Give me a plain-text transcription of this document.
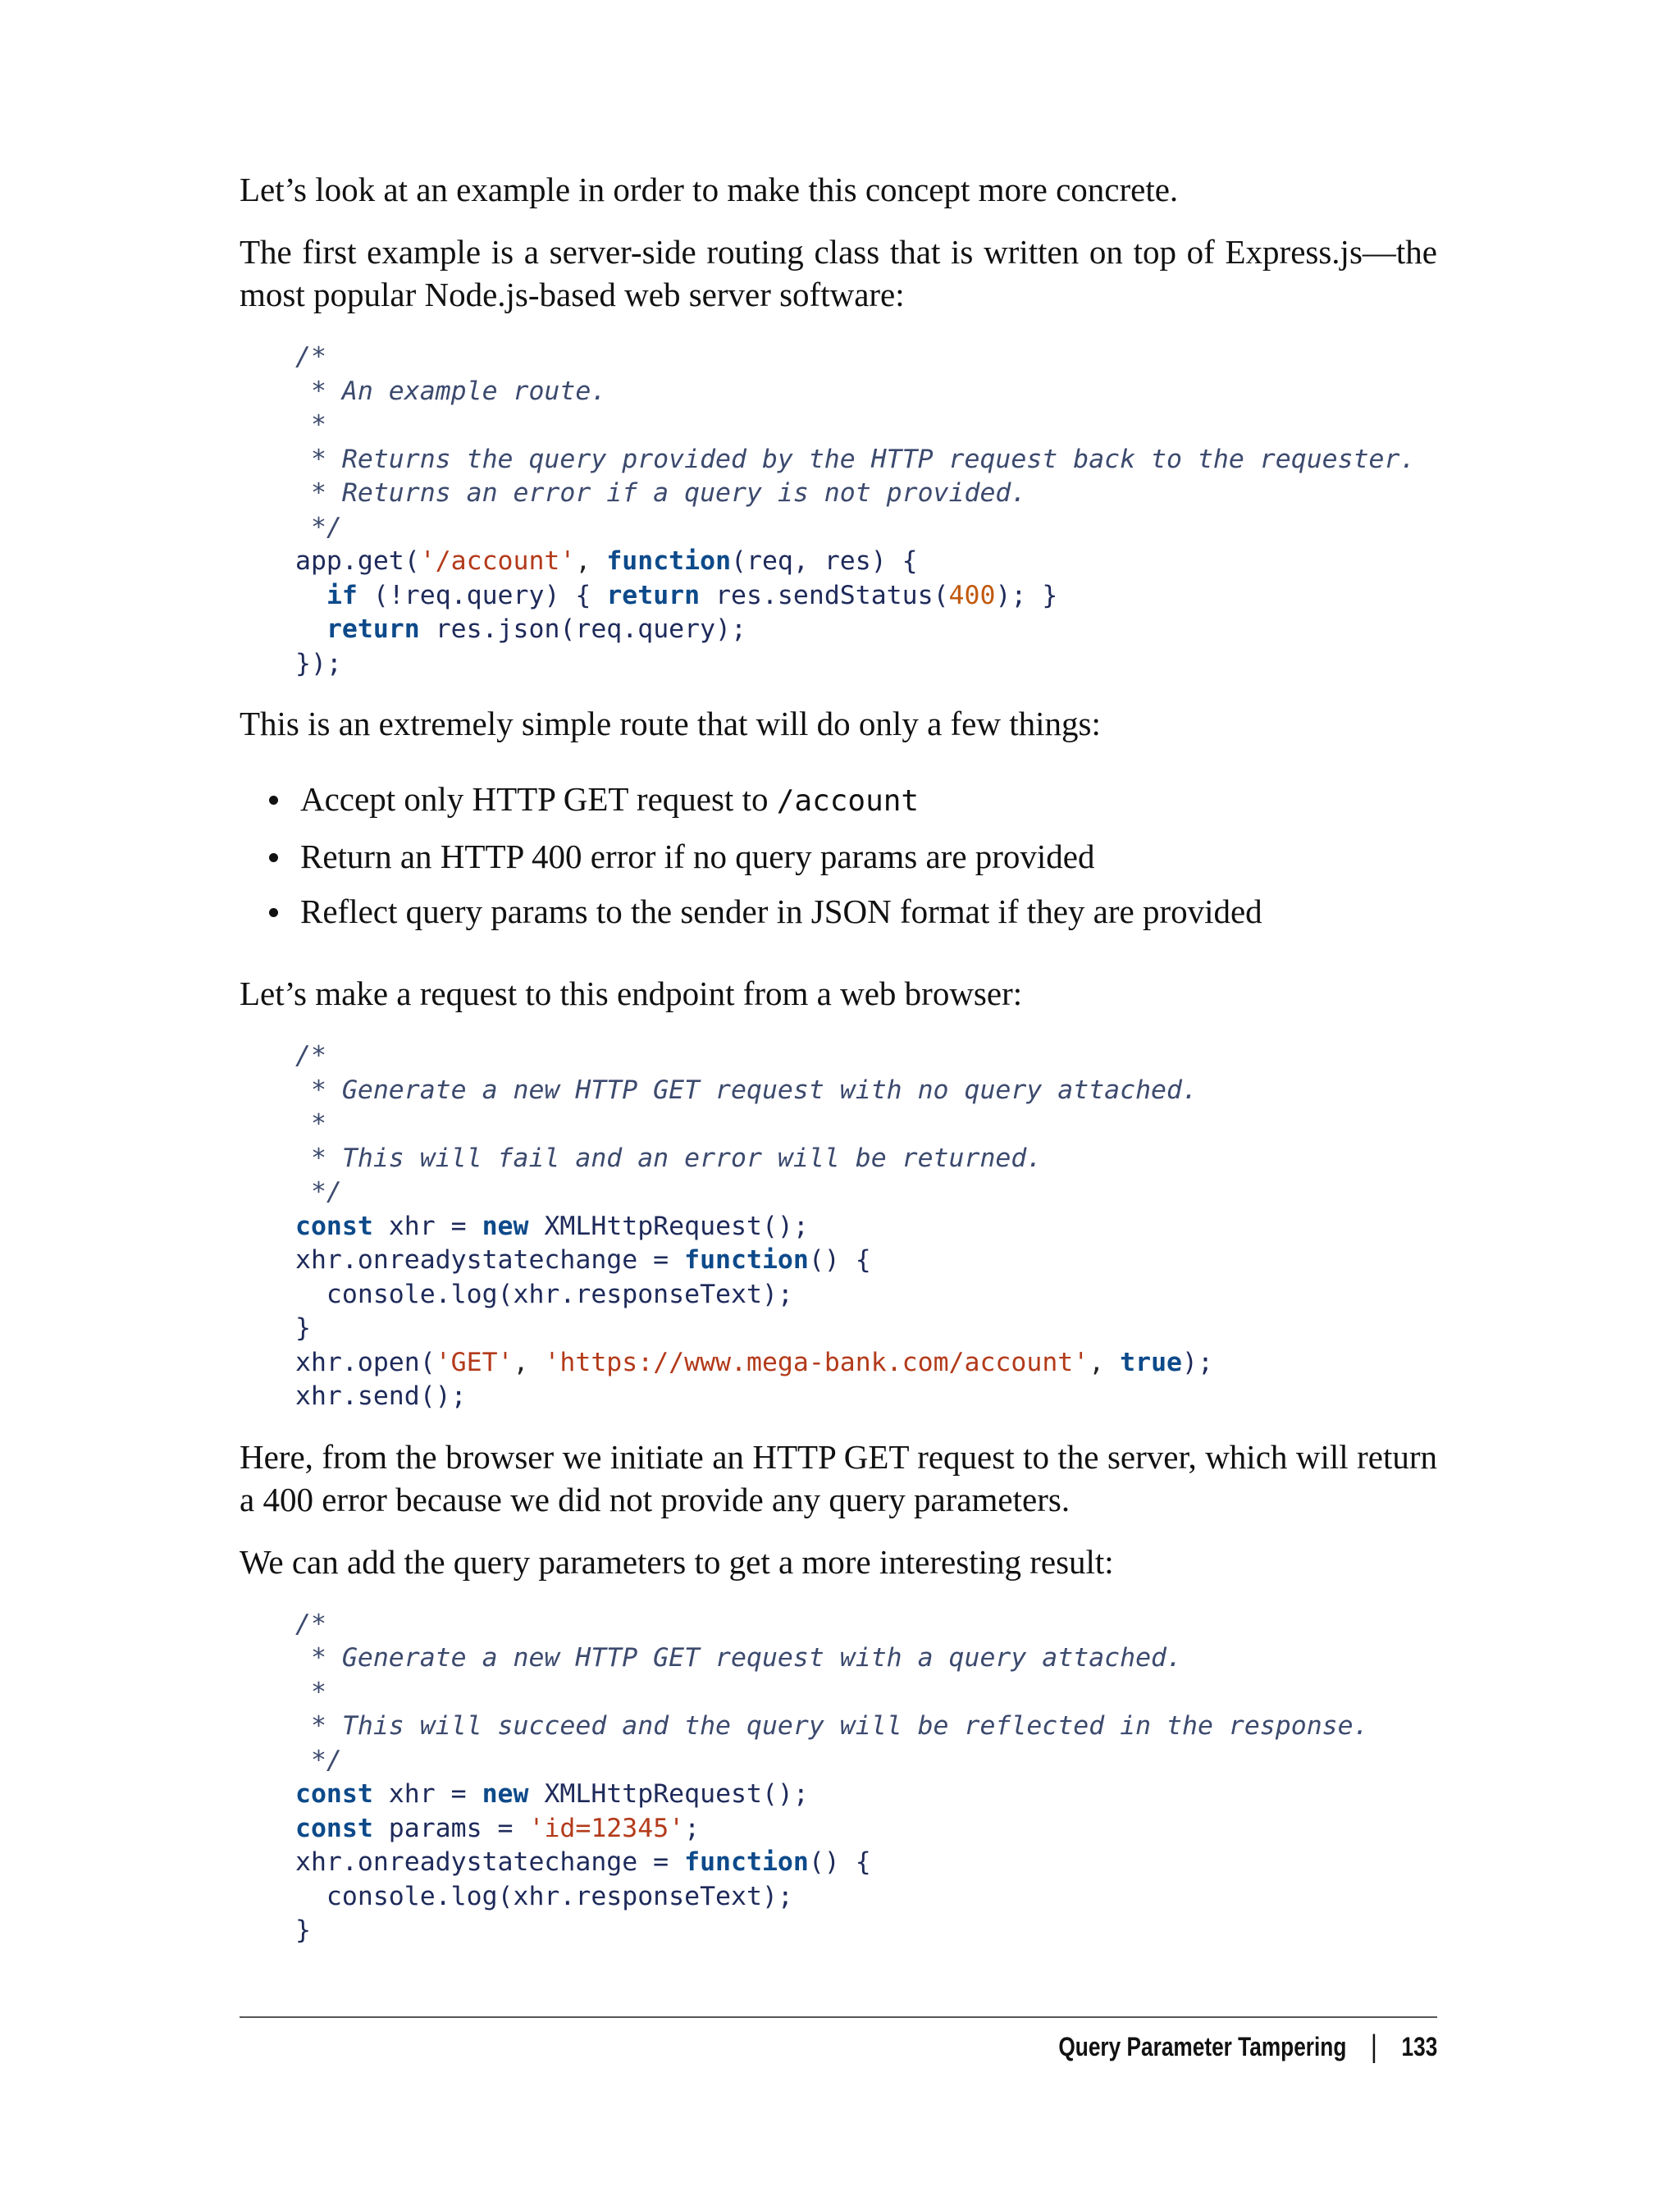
Let’s look at an example in order to make this concept more concrete.

The first example is a server-side routing class that is written on top of Express.js—the most popular Node.js-based web server software:

/*
* An example route.
*
* Returns the query provided by the HTTP request back to the requester.
* Returns an error if a query is not provided.
*/
app.get('/account', function(req, res) {
if (!req.query) { return res.sendStatus(400); }
return res.json(req.query);
});

This is an extremely simple route that will do only a few things:

Accept only HTTP GET request to /account
Return an HTTP 400 error if no query params are provided
Reflect query params to the sender in JSON format if they are provided

Let’s make a request to this endpoint from a web browser:

/*
* Generate a new HTTP GET request with no query attached.
*
* This will fail and an error will be returned.
*/
const xhr = new XMLHttpRequest();
xhr.onreadystatechange = function() {
console.log(xhr.responseText);
}
xhr.open('GET', 'https://www.mega-bank.com/account', true);
xhr.send();

Here, from the browser we initiate an HTTP GET request to the server, which will return a 400 error because we did not provide any query parameters.

We can add the query parameters to get a more interesting result:

/*
* Generate a new HTTP GET request with a query attached.
*
* This will succeed and the query will be reflected in the response.
*/
const xhr = new XMLHttpRequest();
const params = 'id=12345';
xhr.onreadystatechange = function() {
console.log(xhr.responseText);
}
Query Parameter Tampering | 133
